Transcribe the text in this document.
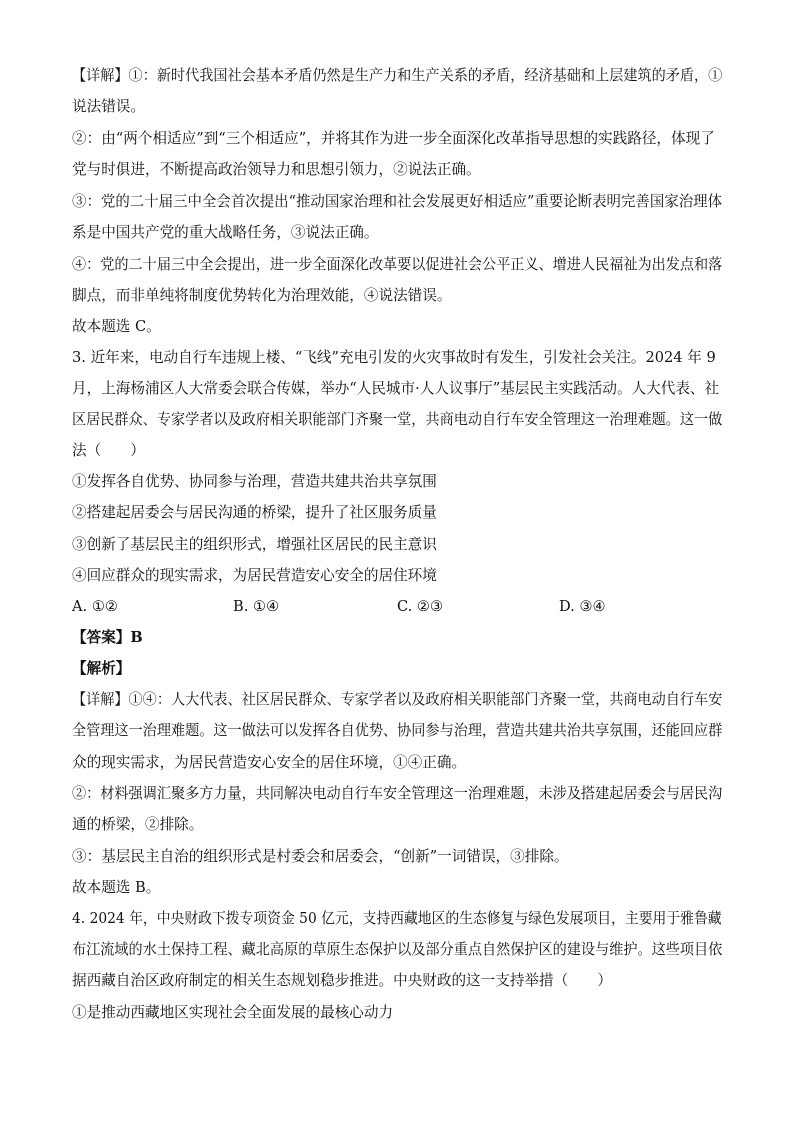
【详解】①：新时代我国社会基本矛盾仍然是生产力和生产关系的矛盾，经济基础和上层建筑的矛盾，①
说法错误。
②：由“两个相适应”到“三个相适应”，并将其作为进一步全面深化改革指导思想的实践路径，体现了
党与时俱进，不断提高政治领导力和思想引领力，②说法正确。
③：党的二十届三中全会首次提出“推动国家治理和社会发展更好相适应”重要论断表明完善国家治理体
系是中国共产党的重大战略任务，③说法正确。
④：党的二十届三中全会提出，进一步全面深化改革要以促进社会公平正义、增进人民福祉为出发点和落
脚点，而非单纯将制度优势转化为治理效能，④说法错误。
故本题选 C。
3. 近年来，电动自行车违规上楼、“飞线”充电引发的火灾事故时有发生，引发社会关注。2024 年 9
月，上海杨浦区人大常委会联合传媒，举办“人民城市·人人议事厅”基层民主实践活动。人大代表、社
区居民群众、专家学者以及政府相关职能部门齐聚一堂，共商电动自行车安全管理这一治理难题。这一做
法（　　）
①发挥各自优势、协同参与治理，营造共建共治共享氛围
②搭建起居委会与居民沟通的桥梁，提升了社区服务质量
③创新了基层民主的组织形式，增强社区居民的民主意识
④回应群众的现实需求，为居民营造安心安全的居住环境
A. ①②	B. ①④	C. ②③	D. ③④
【答案】B
【解析】
【详解】①④：人大代表、社区居民群众、专家学者以及政府相关职能部门齐聚一堂，共商电动自行车安
全管理这一治理难题。这一做法可以发挥各自优势、协同参与治理，营造共建共治共享氛围，还能回应群
众的现实需求，为居民营造安心安全的居住环境，①④正确。
②：材料强调汇聚多方力量，共同解决电动自行车安全管理这一治理难题，未涉及搭建起居委会与居民沟
通的桥梁，②排除。
③：基层民主自治的组织形式是村委会和居委会，“创新”一词错误，③排除。
故本题选 B。
4. 2024 年，中央财政下拨专项资金 50 亿元，支持西藏地区的生态修复与绿色发展项目，主要用于雅鲁藏
布江流域的水土保持工程、藏北高原的草原生态保护以及部分重点自然保护区的建设与维护。这些项目依
据西藏自治区政府制定的相关生态规划稳步推进。中央财政的这一支持举措（　　）
①是推动西藏地区实现社会全面发展的最核心动力
